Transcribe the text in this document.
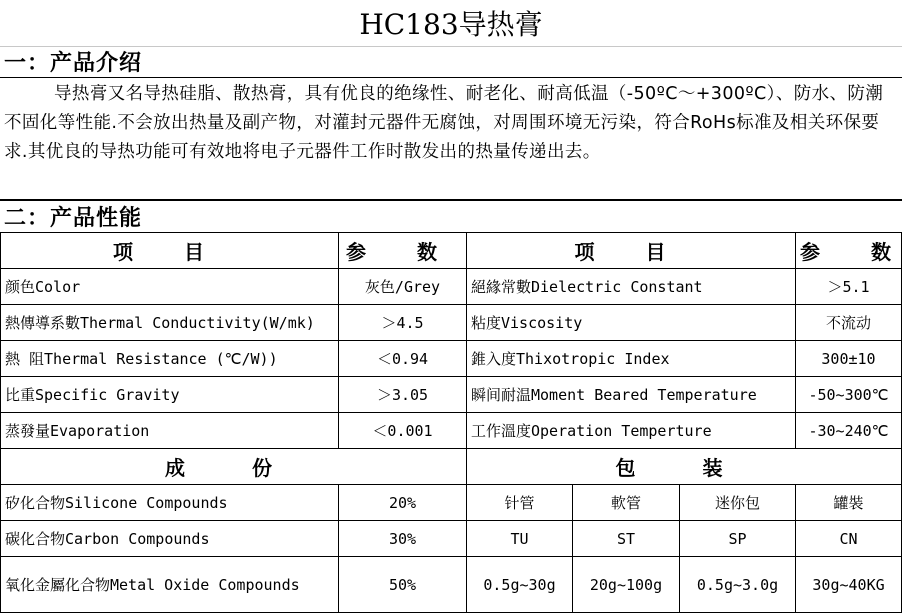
HC183导热膏
一：产品介绍
导热膏又名导热硅脂、散热膏，具有优良的绝缘性、耐老化、耐高低温（-50ºC～+300ºC）、防水、防潮不固化等性能.不会放出热量及副产物，对灌封元器件无腐蚀，对周围环境无污染，符合RoHs标准及相关环保要求.其优良的导热功能可有效地将电子元器件工作时散发出的热量传递出去。
二：产品性能
项 目	参 数	项 目	参 数
颜色Color	灰色/Grey	絕緣常數Dielectric Constant	＞5.1
熱傳導系數Thermal Conductivity(W/mk)	＞4.5	粘度Viscosity	不流动
熱 阻Thermal Resistance (℃/W))	＜0.94	錐入度Thixotropic Index	300±10
比重Specific Gravity	＞3.05	瞬间耐温Moment Beared Temperature	-50~300℃
蒸發量Evaporation	＜0.001	工作溫度Operation Temperture	-30~240℃
成 份		包 装			
矽化合物Silicone Compounds	20%	针管	軟管	迷你包	罐裝
碳化合物Carbon Compounds	30%	TU	ST	SP	CN
氧化金屬化合物Metal Oxide Compounds	50%	0.5g~30g	20g~100g	0.5g~3.0g	30g~40KG
